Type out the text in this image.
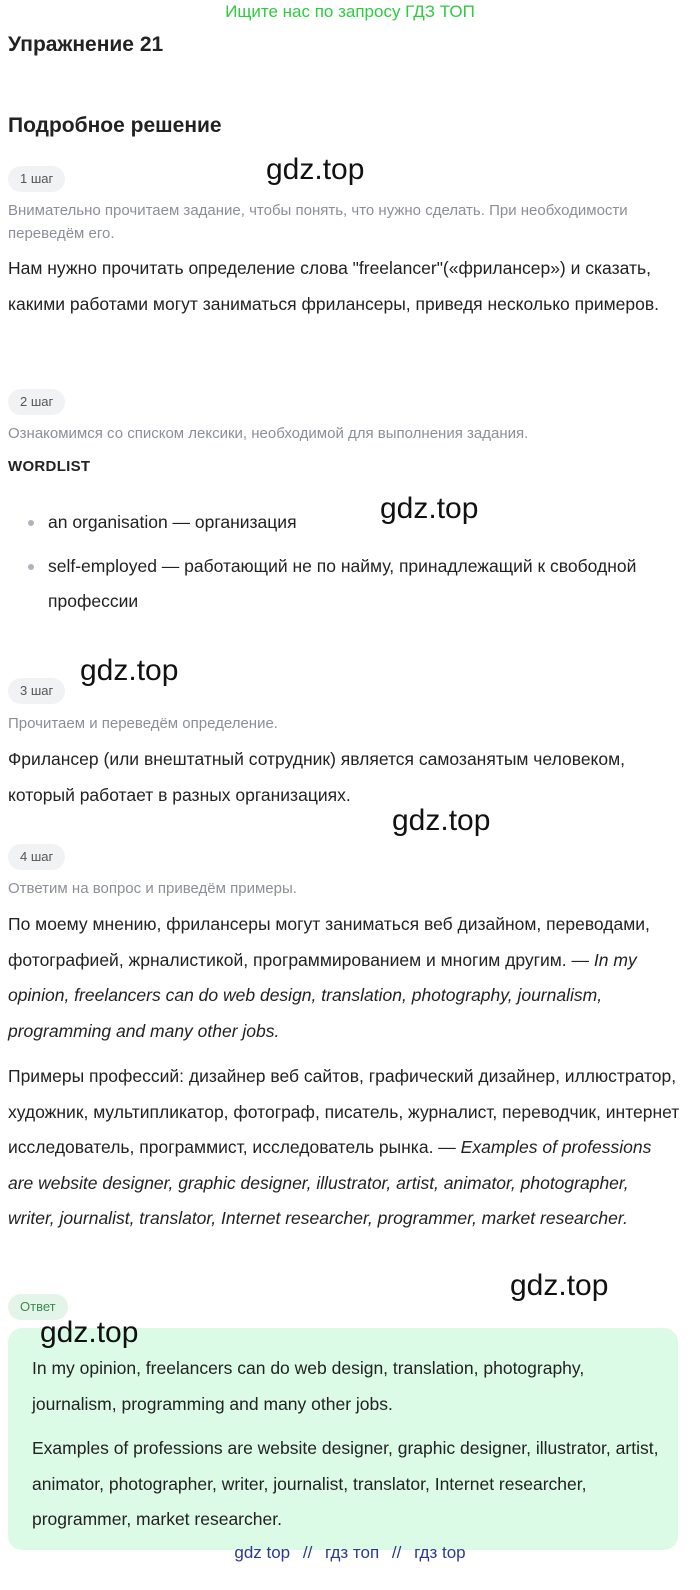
Ищите нас по запросу ГДЗ ТОП
Упражнение 21
Подробное решение
1 шаг	gdz.top
Внимательно прочитаем задание, чтобы понять, что нужно сделать. При необходимости переведём его.
Нам нужно прочитать определение слова "freelancer"(«фрилансер») и сказать, какими работами могут заниматься фрилансеры, приведя несколько примеров.
2 шаг
Ознакомимся со списком лексики, необходимой для выполнения задания.
WORDLIST
gdz.top
an organisation — организация
self-employed — работающий не по найму, принадлежащий к свободной профессии
gdz.top
3 шаг
Прочитаем и переведём определение.
Фрилансер (или внештатный сотрудник) является самозанятым человеком, который работает в разных организациях.
gdz.top
4 шаг
Ответим на вопрос и приведём примеры.
По моему мнению, фрилансеры могут заниматься веб дизайном, переводами, фотографией, жрналистикой, программированием и многим другим. — In my opinion, freelancers can do web design, translation, photography, journalism, programming and many other jobs.
Примеры профессий: дизайнер веб сайтов, графический дизайнер, иллюстратор, художник, мультипликатор, фотограф, писатель, журналист, переводчик, интернет исследователь, программист, исследователь рынка. — Examples of professions are website designer, graphic designer, illustrator, artist, animator, photographer, writer, journalist, translator, Internet researcher, programmer, market researcher.
gdz.top
Ответ
gdz.top
In my opinion, freelancers can do web design, translation, photography, journalism, programming and many other jobs.
Examples of professions are website designer, graphic designer, illustrator, artist, animator, photographer, writer, journalist, translator, Internet researcher, programmer, market researcher.
gdz top // гдз топ // гдз top
